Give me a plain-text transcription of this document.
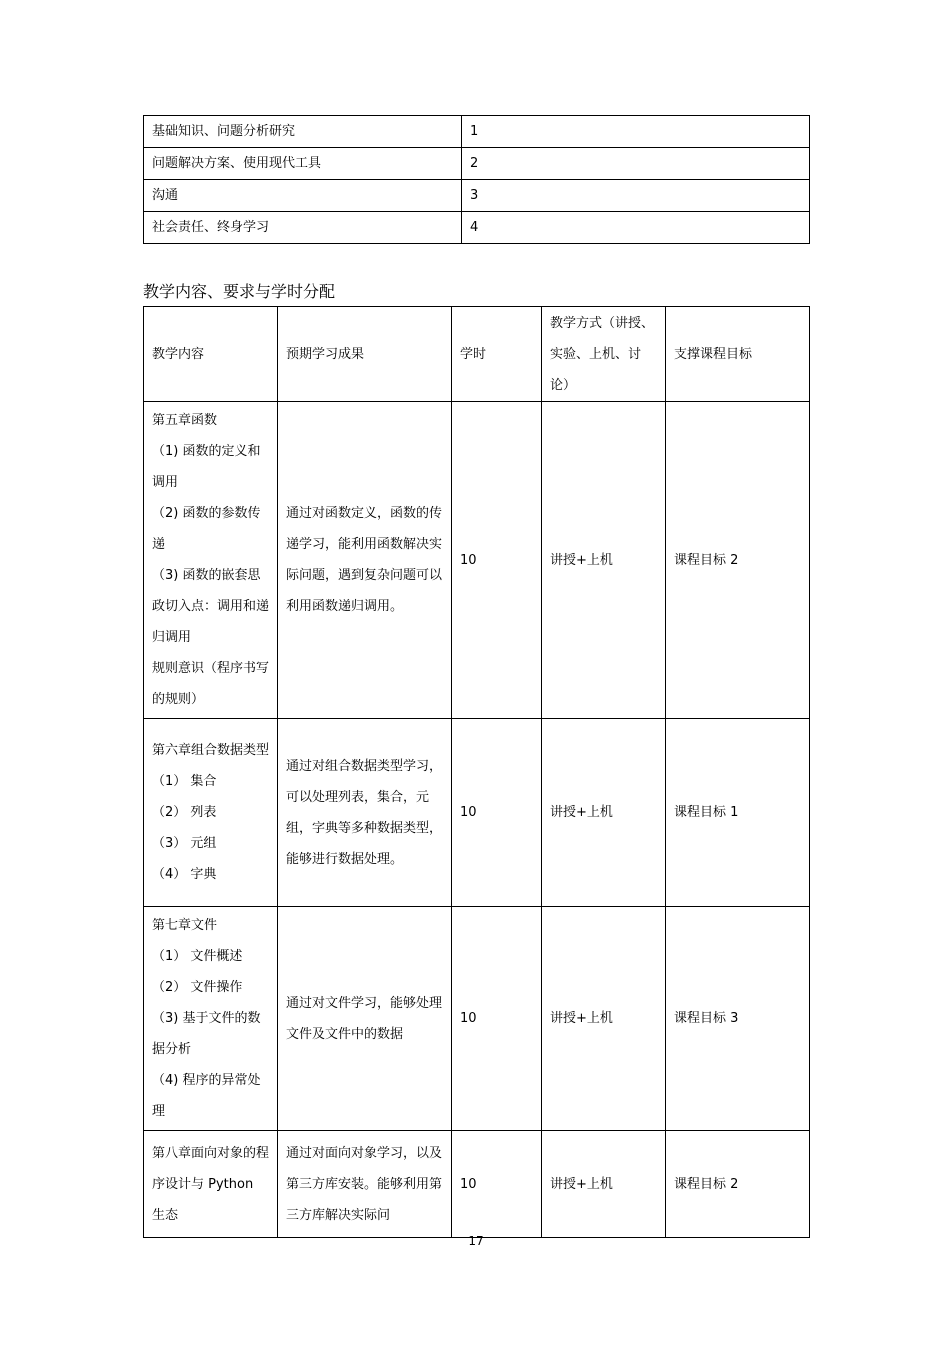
基础知识、问题分析研究	1
问题解决方案、使用现代工具	2
沟通	3
社会责任、终身学习	4
教学内容、要求与学时分配
教学内容	预期学习成果	学时	教学方式（讲授、实验、上机、讨论）	支撑课程目标

第五章函数
（1) 函数的定义和调用
（2) 函数的参数传递
（3) 函数的嵌套思政切入点：调用和递归调用
规则意识（程序书写的规则）	通过对函数定义，函数的传递学习，能利用函数解决实际问题，遇到复杂问题可以利用函数递归调用。	10	讲授+上机	课程目标 2

第六章组合数据类型
（1） 集合
（2） 列表
（3） 元组
（4） 字典	通过对组合数据类型学习，可以处理列表，集合，元组，字典等多种数据类型，能够进行数据处理。	10	讲授+上机	课程目标 1

第七章文件
（1） 文件概述
（2） 文件操作
（3) 基于文件的数据分析
（4) 程序的异常处理	通过对文件学习，能够处理文件及文件中的数据	10	讲授+上机	课程目标 3

第八章面向对象的程序设计与 Python 生态	通过对面向对象学习，以及第三方库安装。能够利用第三方库解决实际问	10	讲授+上机	课程目标 2
17
